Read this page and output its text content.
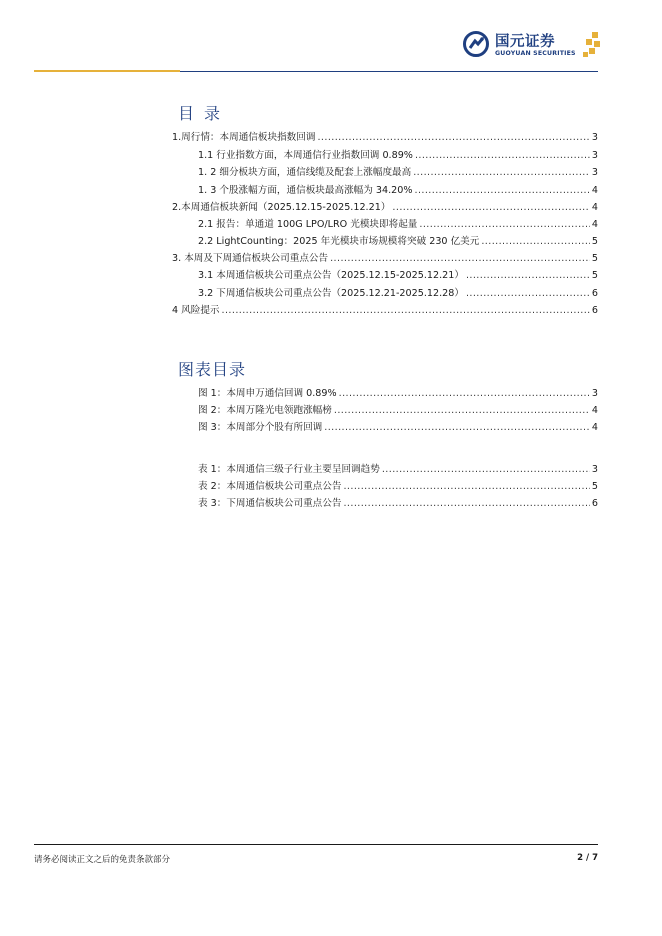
国元证券
GUOYUAN SECURITIES
目录
1.周行情：本周通信板块指数回调 .....	3
1.1 行业指数方面，本周通信行业指数回调 0.89% .....	3
1. 2 细分板块方面，通信线缆及配套上涨幅度最高 .....	3
1. 3 个股涨幅方面，通信板块最高涨幅为 34.20% .....	4
2.本周通信板块新闻（2025.12.15-2025.12.21） .....	4
2.1 报告：单通道 100G LPO/LRO 光模块即将起量 .....	4
2.2 LightCounting：2025 年光模块市场规模将突破 230 亿美元 .....	5
3. 本周及下周通信板块公司重点公告 .....	5
3.1 本周通信板块公司重点公告（2025.12.15-2025.12.21） .....	5
3.2 下周通信板块公司重点公告（2025.12.21-2025.12.28） .....	6
4 风险提示 .....	6
图表目录
图 1：本周申万通信回调 0.89% .....	3
图 2：本周万隆光电领跑涨幅榜 .....	4
图 3：本周部分个股有所回调 .....	4
表 1：本周通信三级子行业主要呈回调趋势 .....	3
表 2：本周通信板块公司重点公告 .....	5
表 3：下周通信板块公司重点公告 .....	6
请务必阅读正文之后的免责条款部分	2 / 7
